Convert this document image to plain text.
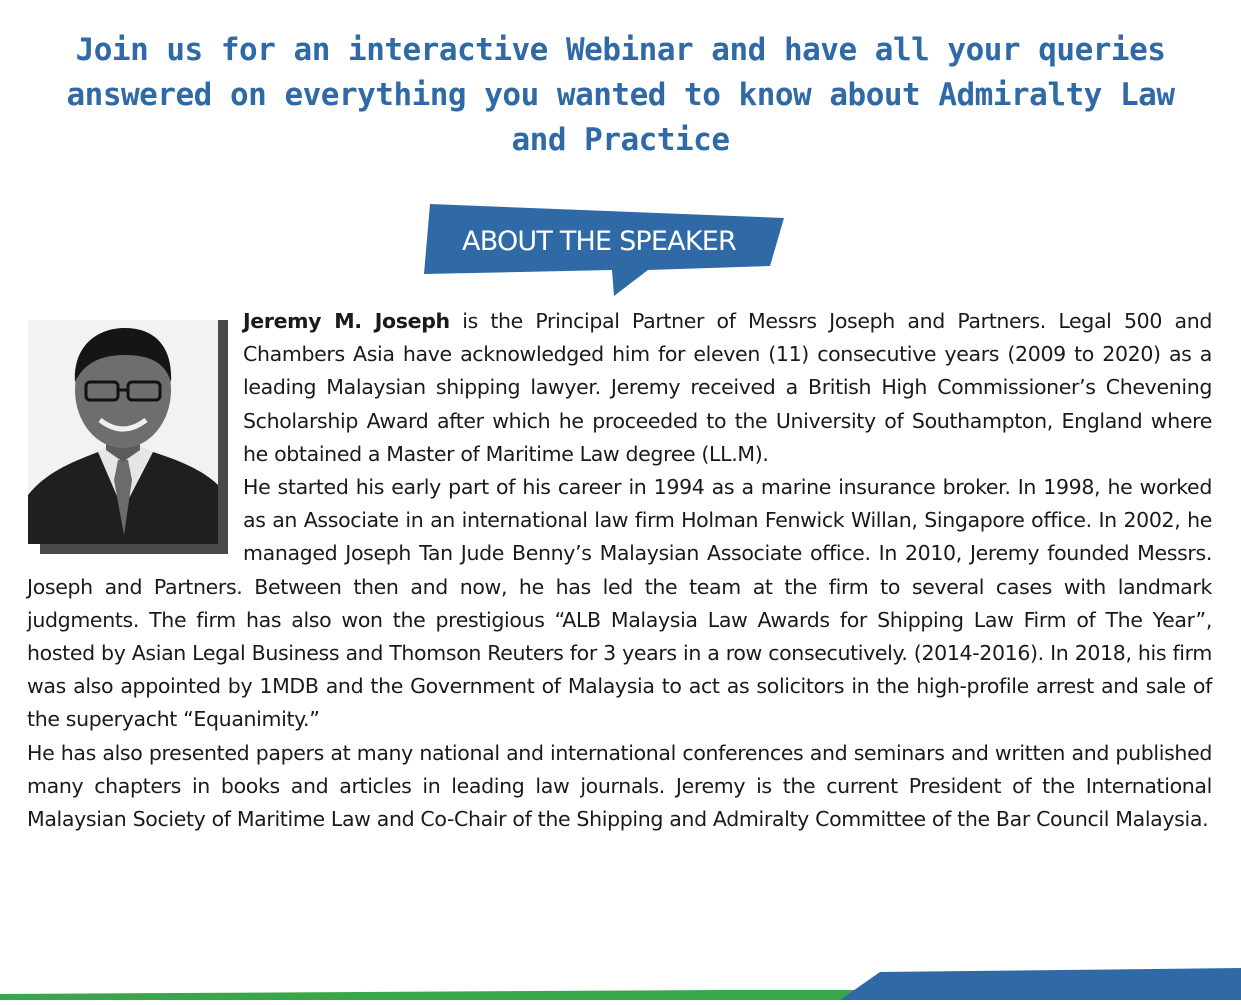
Join us for an interactive Webinar and have all your queries answered on everything you wanted to know about Admiralty Law and Practice
ABOUT THE SPEAKER

Jeremy M. Joseph is the Principal Partner of Messrs Joseph and Partners. Legal 500 and Chambers Asia have acknowledged him for eleven (11) consecutive years (2009 to 2020) as a leading Malaysian shipping lawyer. Jeremy received a British High Commissioner’s Chevening Scholarship Award after which he proceeded to the University of Southampton, England where he obtained a Master of Maritime Law degree (LL.M).

He started his early part of his career in 1994 as a marine insurance broker. In 1998, he worked as an Associate in an international law firm Holman Fenwick Willan, Singapore office. In 2002, he managed Joseph Tan Jude Benny’s Malaysian Associate office. In 2010, Jeremy founded Messrs. Joseph and Partners. Between then and now, he has led the team at the firm to several cases with landmark judgments. The firm has also won the prestigious “ALB Malaysia Law Awards for Shipping Law Firm of The Year”, hosted by Asian Legal Business and Thomson Reuters for 3 years in a row consecutively. (2014-2016). In 2018, his firm was also appointed by 1MDB and the Government of Malaysia to act as solicitors in the high-profile arrest and sale of the superyacht “Equanimity.”

He has also presented papers at many national and international conferences and seminars and written and published many chapters in books and articles in leading law journals. Jeremy is the current President of the International Malaysian Society of Maritime Law and Co-Chair of the Shipping and Admiralty Committee of the Bar Council Malaysia.
